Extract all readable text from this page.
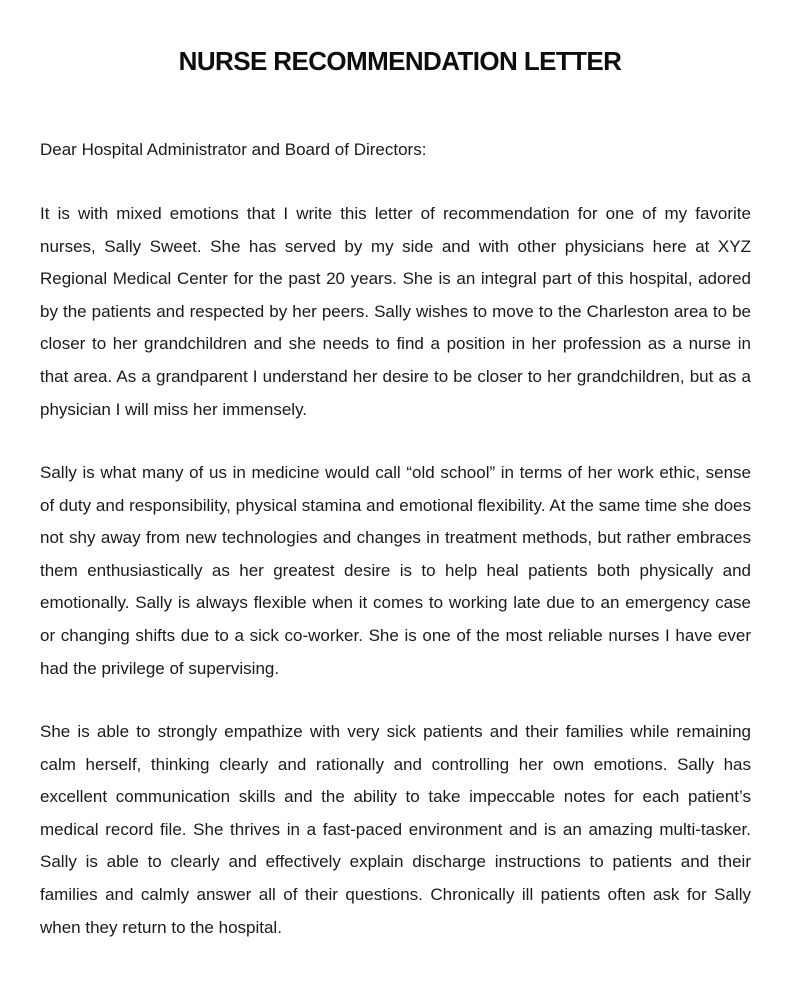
NURSE RECOMMENDATION LETTER

Dear Hospital Administrator and Board of Directors:

It is with mixed emotions that I write this letter of recommendation for one of my favorite nurses, Sally Sweet. She has served by my side and with other physicians here at XYZ Regional Medical Center for the past 20 years. She is an integral part of this hospital, adored by the patients and respected by her peers. Sally wishes to move to the Charleston area to be closer to her grandchildren and she needs to find a position in her profession as a nurse in that area. As a grandparent I understand her desire to be closer to her grandchildren, but as a physician I will miss her immensely.

Sally is what many of us in medicine would call “old school” in terms of her work ethic, sense of duty and responsibility, physical stamina and emotional flexibility. At the same time she does not shy away from new technologies and changes in treatment methods, but rather embraces them enthusiastically as her greatest desire is to help heal patients both physically and emotionally. Sally is always flexible when it comes to working late due to an emergency case or changing shifts due to a sick co-worker. She is one of the most reliable nurses I have ever had the privilege of supervising.

She is able to strongly empathize with very sick patients and their families while remaining calm herself, thinking clearly and rationally and controlling her own emotions. Sally has excellent communication skills and the ability to take impeccable notes for each patient’s medical record file. She thrives in a fast-paced environment and is an amazing multi-tasker. Sally is able to clearly and effectively explain discharge instructions to patients and their families and calmly answer all of their questions. Chronically ill patients often ask for Sally when they return to the hospital.
